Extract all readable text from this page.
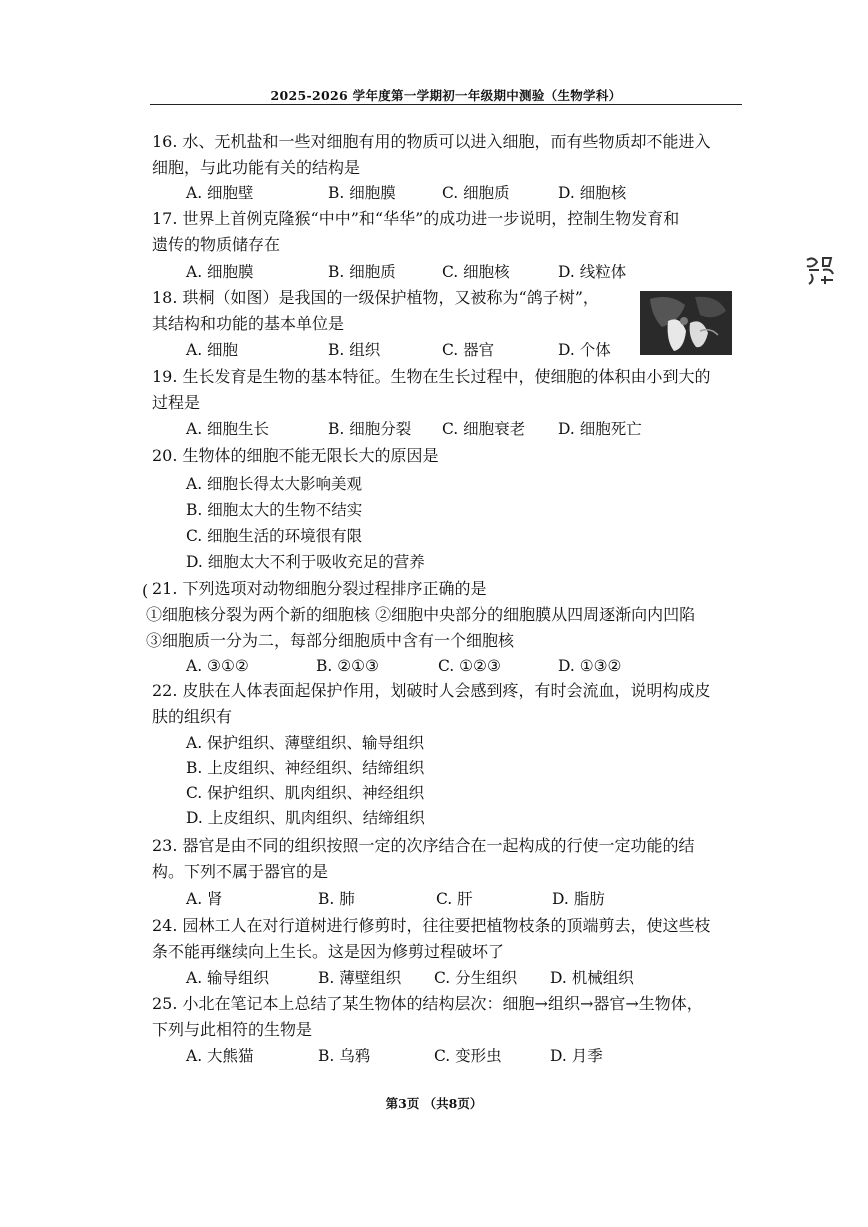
2025-2026 学年度第一学期初一年级期中测验（生物学科）
16. 水、无机盐和一些对细胞有用的物质可以进入细胞，而有些物质却不能进入
细胞，与此功能有关的结构是
A. 细胞壁	B. 细胞膜	C. 细胞质	D. 细胞核
17. 世界上首例克隆猴“中中”和“华华”的成功进一步说明，控制生物发育和
遗传的物质储存在
A. 细胞膜	B. 细胞质	C. 细胞核	D. 线粒体
18. 珙桐（如图）是我国的一级保护植物，又被称为“鸽子树”，
其结构和功能的基本单位是
A. 细胞	B. 组织	C. 器官	D. 个体
19. 生长发育是生物的基本特征。生物在生长过程中，使细胞的体积由小到大的
过程是
A. 细胞生长	B. 细胞分裂 C. 细胞衰老 D. 细胞死亡
20. 生物体的细胞不能无限长大的原因是
A. 细胞长得太大影响美观
B. 细胞太大的生物不结实
C. 细胞生活的环境很有限
D. 细胞太大不利于吸收充足的营养
( 21. 下列选项对动物细胞分裂过程排序正确的是
①细胞核分裂为两个新的细胞核 ②细胞中央部分的细胞膜从四周逐渐向内凹陷
③细胞质一分为二，每部分细胞质中含有一个细胞核
A. ③①②	B. ②①③	C. ①②③	D. ①③②
22. 皮肤在人体表面起保护作用，划破时人会感到疼，有时会流血，说明构成皮
肤的组织有
A. 保护组织、薄壁组织、输导组织
B. 上皮组织、神经组织、结缔组织
C. 保护组织、肌肉组织、神经组织
D. 上皮组织、肌肉组织、结缔组织
23. 器官是由不同的组织按照一定的次序结合在一起构成的行使一定功能的结
构。下列不属于器官的是
A. 肾	B. 肺	C. 肝	D. 脂肪
24. 园林工人在对行道树进行修剪时，往往要把植物枝条的顶端剪去，使这些枝
条不能再继续向上生长。这是因为修剪过程破坏了
A. 输导组织	B. 薄壁组织 C. 分生组织 D. 机械组织
25. 小北在笔记本上总结了某生物体的结构层次：细胞→组织→器官→生物体，
下列与此相符的生物是
A. 大熊猫	B. 乌鸦	C. 变形虫	D. 月季
第3页 （共8页）
